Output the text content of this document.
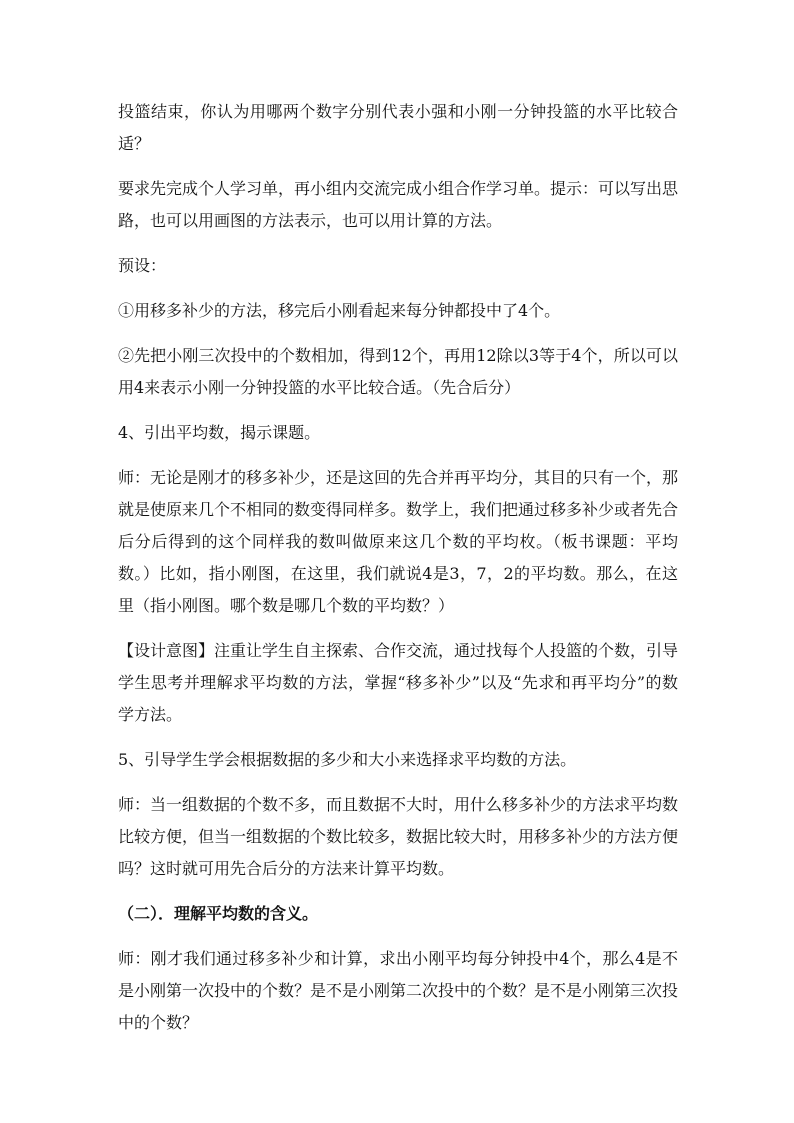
投篮结束，你认为用哪两个数字分别代表小强和小刚一分钟投篮的水平比较合适？

要求先完成个人学习单，再小组内交流完成小组合作学习单。提示：可以写出思路，也可以用画图的方法表示，也可以用计算的方法。

预设：

①用移多补少的方法，移完后小刚看起来每分钟都投中了4个。

②先把小刚三次投中的个数相加，得到12个，再用12除以3等于4个，所以可以用4来表示小刚一分钟投篮的水平比较合适。（先合后分）

4、引出平均数，揭示课题。

师：无论是刚才的移多补少，还是这回的先合并再平均分，其目的只有一个，那就是使原来几个不相同的数变得同样多。数学上，我们把通过移多补少或者先合后分后得到的这个同样我的数叫做原来这几个数的平均枚。（板书课题：平均数。）比如，指小刚图，在这里，我们就说4是3，7，2的平均数。那么，在这里（指小刚图。哪个数是哪几个数的平均数？）

【设计意图】注重让学生自主探索、合作交流，通过找每个人投篮的个数，引导学生思考并理解求平均数的方法，掌握“移多补少”以及“先求和再平均分”的数学方法。

5、引导学生学会根据数据的多少和大小来选择求平均数的方法。

师：当一组数据的个数不多，而且数据不大时，用什么移多补少的方法求平均数比较方便，但当一组数据的个数比较多，数据比较大时，用移多补少的方法方便吗？这时就可用先合后分的方法来计算平均数。

（二）．理解平均数的含义。

师：刚才我们通过移多补少和计算，求出小刚平均每分钟投中4个，那么4是不是小刚第一次投中的个数？是不是小刚第二次投中的个数？是不是小刚第三次投中的个数？
